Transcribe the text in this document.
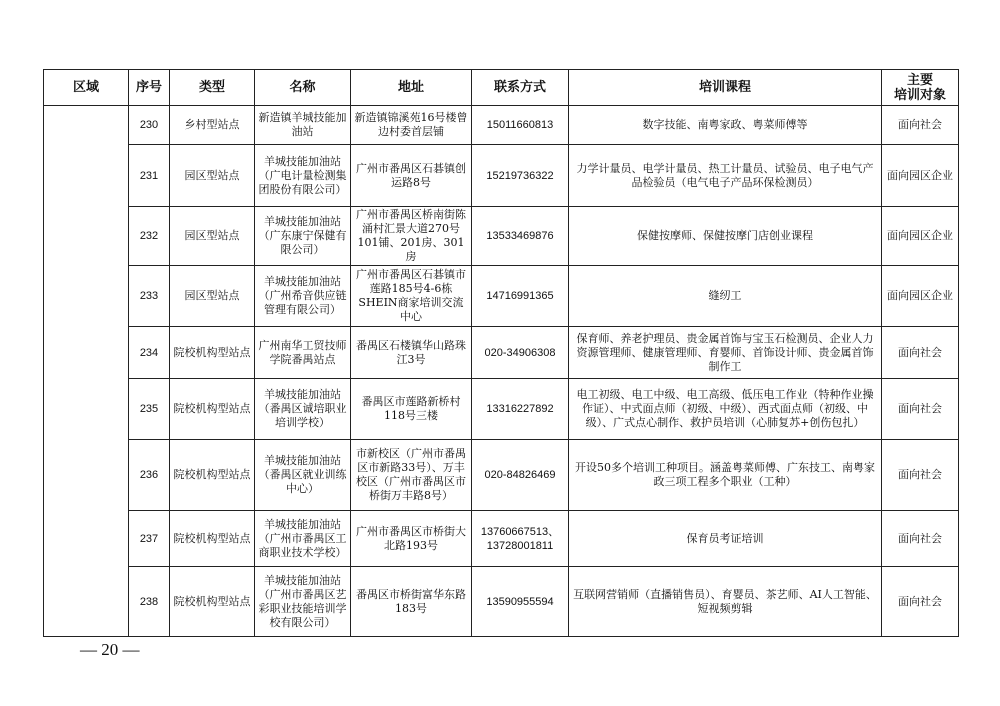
区域	序号	类型	名称	地址	联系方式	培训课程	主要
培训对象
	230	乡村型站点	新造镇羊城技能加油站	新造镇锦溪苑16号楼曾边村委首层铺	15011660813	数字技能、南粤家政、粤菜师傅等	面向社会
	231	园区型站点	羊城技能加油站（广电计量检测集团股份有限公司）	广州市番禺区石碁镇创运路8号	15219736322	力学计量员、电学计量员、热工计量员、试验员、电子电气产品检验员（电气电子产品环保检测员）	面向园区企业
	232	园区型站点	羊城技能加油站（广东康宁保健有限公司）	广州市番禺区桥南街陈涌村汇景大道270号101铺、201房、301房	13533469876	保健按摩师、保健按摩门店创业课程	面向园区企业
	233	园区型站点	羊城技能加油站（广州希音供应链管理有限公司）	广州市番禺区石碁镇市莲路185号4-6栋SHEIN商家培训交流中心	14716991365	缝纫工	面向园区企业
	234	院校机构型站点	广州南华工贸技师学院番禺站点	番禺区石楼镇华山路珠江3号	020-34906308	保育师、养老护理员、贵金属首饰与宝玉石检测员、企业人力资源管理师、健康管理师、育婴师、首饰设计师、贵金属首饰制作工	面向社会
	235	院校机构型站点	羊城技能加油站（番禺区诚培职业培训学校）	番禺区市莲路新桥村118号三楼	13316227892	电工初级、电工中级、电工高级、低压电工作业（特种作业操作证）、中式面点师（初级、中级）、西式面点师（初级、中级）、广式点心制作、救护员培训（心肺复苏+创伤包扎）	面向社会
	236	院校机构型站点	羊城技能加油站（番禺区就业训练中心）	市新校区（广州市番禺区市新路33号）、万丰校区（广州市番禺区市桥街万丰路8号）	020-84826469	开设50多个培训工种项目。涵盖粤菜师傅、广东技工、南粤家政三项工程多个职业（工种）	面向社会
	237	院校机构型站点	羊城技能加油站（广州市番禺区工商职业技术学校）	广州市番禺区市桥街大北路193号	13760667513、13728001811	保育员考证培训	面向社会
	238	院校机构型站点	羊城技能加油站（广州市番禺区艺彩职业技能培训学校有限公司）	番禺区市桥街富华东路183号	13590955594	互联网营销师（直播销售员）、育婴员、茶艺师、AI人工智能、短视频剪辑	面向社会
— 20 —
